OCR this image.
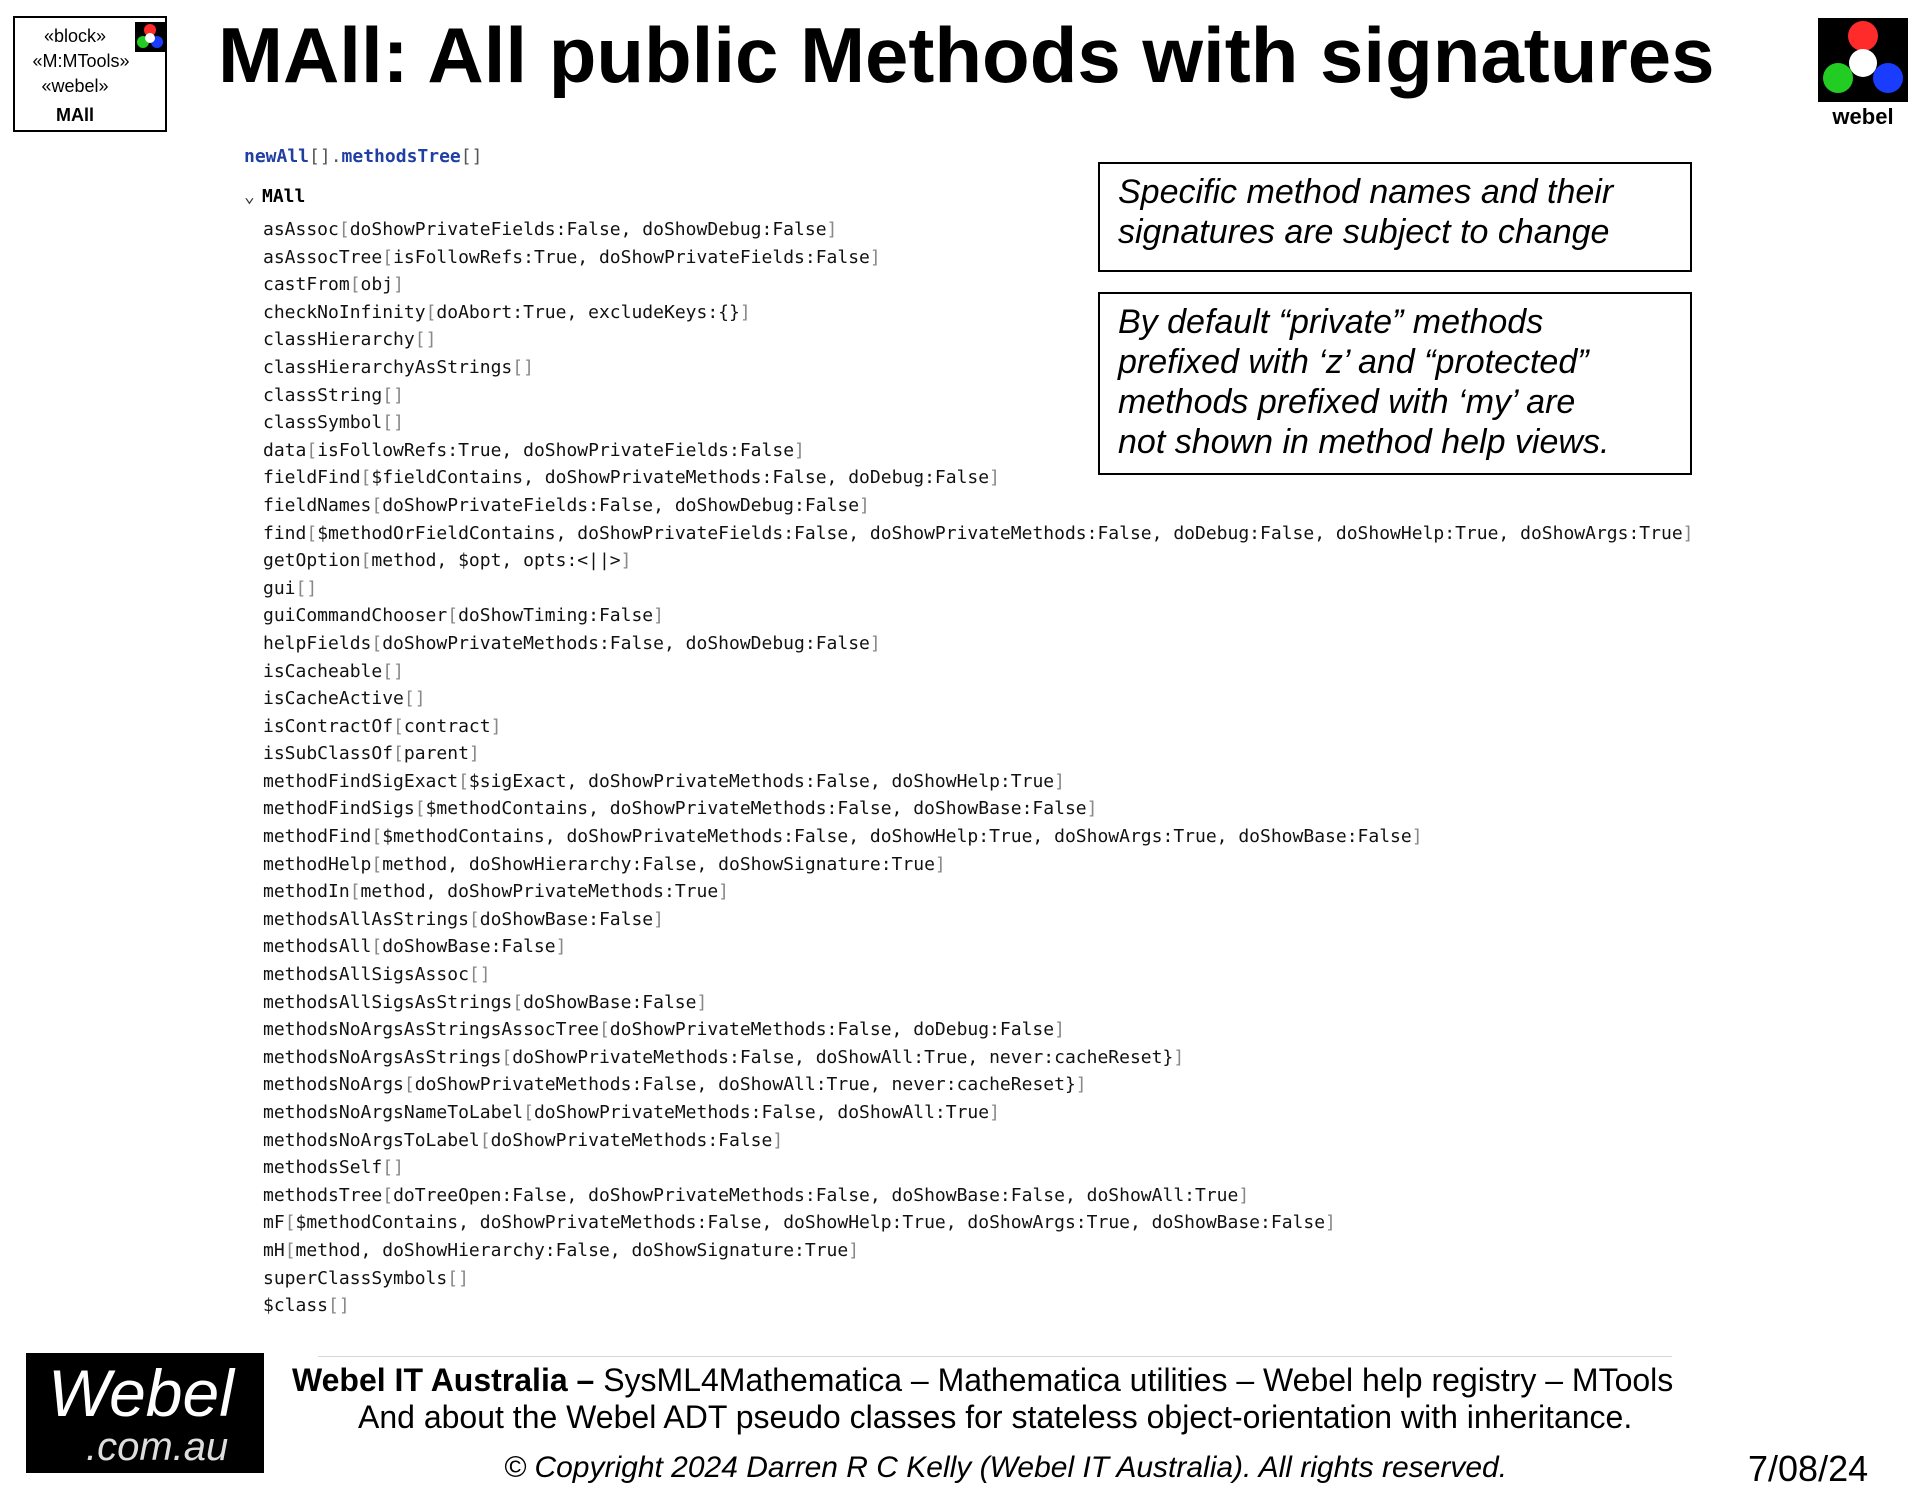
«block»
«M:MTools»
«webel»
MAll
MAll: All public Methods with signatures
webel
newAll[].methodsTree[]
⌄ MAll
asAssoc[doShowPrivateFields:False, doShowDebug:False]
asAssocTree[isFollowRefs:True, doShowPrivateFields:False]
castFrom[obj]
checkNoInfinity[doAbort:True, excludeKeys:{}]
classHierarchy[]
classHierarchyAsStrings[]
classString[]
classSymbol[]
data[isFollowRefs:True, doShowPrivateFields:False]
fieldFind[$fieldContains, doShowPrivateMethods:False, doDebug:False]
fieldNames[doShowPrivateFields:False, doShowDebug:False]
find[$methodOrFieldContains, doShowPrivateFields:False, doShowPrivateMethods:False, doDebug:False, doShowHelp:True, doShowArgs:True]
getOption[method, $opt, opts:<||>]
gui[]
guiCommandChooser[doShowTiming:False]
helpFields[doShowPrivateMethods:False, doShowDebug:False]
isCacheable[]
isCacheActive[]
isContractOf[contract]
isSubClassOf[parent]
methodFindSigExact[$sigExact, doShowPrivateMethods:False, doShowHelp:True]
methodFindSigs[$methodContains, doShowPrivateMethods:False, doShowBase:False]
methodFind[$methodContains, doShowPrivateMethods:False, doShowHelp:True, doShowArgs:True, doShowBase:False]
methodHelp[method, doShowHierarchy:False, doShowSignature:True]
methodIn[method, doShowPrivateMethods:True]
methodsAllAsStrings[doShowBase:False]
methodsAll[doShowBase:False]
methodsAllSigsAssoc[]
methodsAllSigsAsStrings[doShowBase:False]
methodsNoArgsAsStringsAssocTree[doShowPrivateMethods:False, doDebug:False]
methodsNoArgsAsStrings[doShowPrivateMethods:False, doShowAll:True, never:cacheReset}]
methodsNoArgs[doShowPrivateMethods:False, doShowAll:True, never:cacheReset}]
methodsNoArgsNameToLabel[doShowPrivateMethods:False, doShowAll:True]
methodsNoArgsToLabel[doShowPrivateMethods:False]
methodsSelf[]
methodsTree[doTreeOpen:False, doShowPrivateMethods:False, doShowBase:False, doShowAll:True]
mF[$methodContains, doShowPrivateMethods:False, doShowHelp:True, doShowArgs:True, doShowBase:False]
mH[method, doShowHierarchy:False, doShowSignature:True]
superClassSymbols[]
$class[]
Specific method names and their
signatures are subject to change
By default “private” methods
prefixed with ‘z’ and “protected”
methods prefixed with ‘my’ are
not shown in method help views.
Webel
.com.au
Webel IT Australia – SysML4Mathematica – Mathematica utilities – Webel help registry – MTools
And about the Webel ADT pseudo classes for stateless object-orientation with inheritance.
© Copyright 2024 Darren R C Kelly (Webel IT Australia). All rights reserved.	7/08/24
